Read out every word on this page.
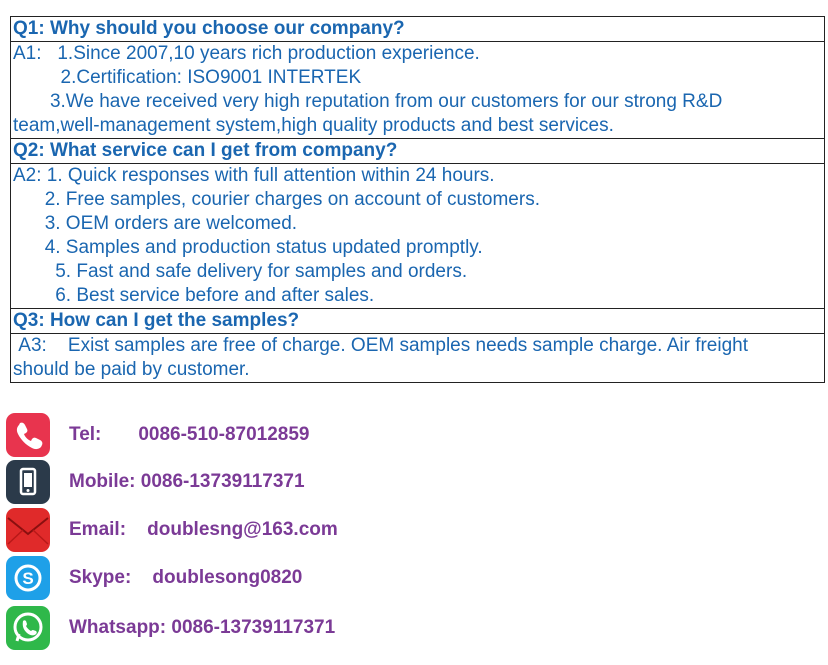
Q1: Why should you choose our company?
A1:   1.Since 2007,10 years rich production experience.
2.Certification: ISO9001 INTERTEK
3.We have received very high reputation from our customers for our strong R&D
team,well-management system,high quality products and best services.
Q2: What service can I get from company?
A2: 1. Quick responses with full attention within 24 hours.
2. Free samples, courier charges on account of customers.
3. OEM orders are welcomed.
4. Samples and production status updated promptly.
5. Fast and safe delivery for samples and orders.
6. Best service before and after sales.
Q3: How can I get the samples?
A3:    Exist samples are free of charge. OEM samples needs sample charge. Air freight
should be paid by customer.
Tel:       0086-510-87012859
Mobile: 0086-13739117371
Email:    doublesng@163.com
S Skype:    doublesong0820
Whatsapp: 0086-13739117371
